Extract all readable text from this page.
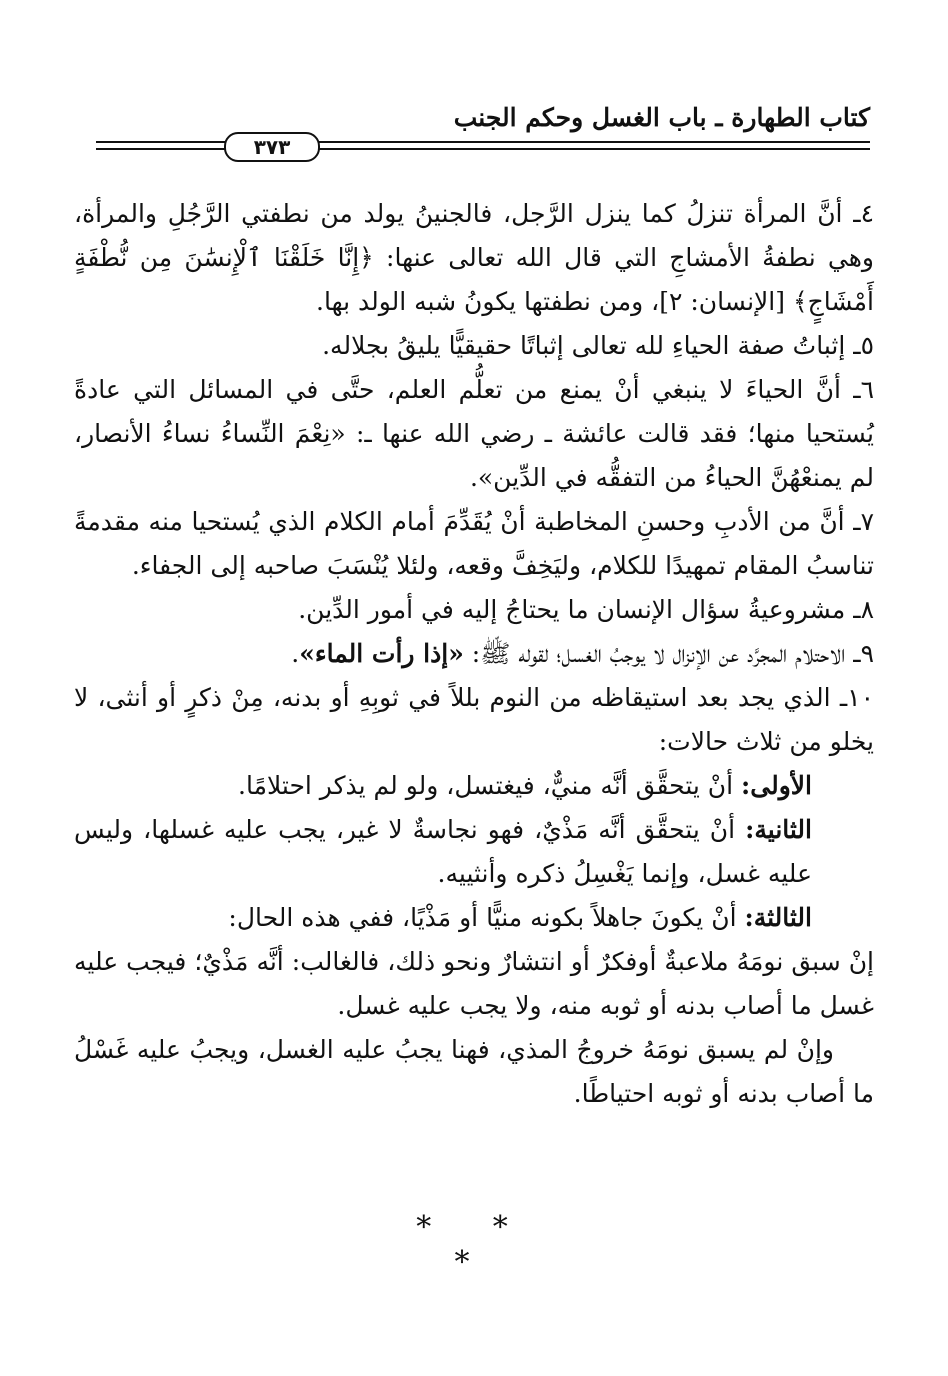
كتاب الطهارة ـ باب الغسل وحكم الجنب
٣٧٣

٤ـ أنَّ المرأة تنزلُ كما ينزل الرَّجل، فالجنينُ يولد من نطفتي الرَّجُلِ والمرأة، وهي نطفةُ الأمشاجِ التي قال الله تعالى عنها: ﴿إِنَّا خَلَقْنَا ٱلْإِنسَٰنَ مِن نُّطْفَةٍ أَمْشَاجٍ﴾ [الإنسان: ٢]، ومن نطفتها يكونُ شبه الولد بها.

٥ـ إثباتُ صفة الحياءِ لله تعالى إثباتًا حقيقيًّا يليقُ بجلاله.

٦ـ أنَّ الحياءَ لا ينبغي أنْ يمنع من تعلُّم العلم، حتَّى في المسائل التي عادةً يُستحيا منها؛ فقد قالت عائشة ـ رضي الله عنها ـ: «نِعْمَ النِّساءُ نساءُ الأنصار، لم يمنعْهُنَّ الحياءُ من التفقُّه في الدِّين».

٧ـ أنَّ من الأدبِ وحسنِ المخاطبة أنْ يُقَدِّمَ أمام الكلام الذي يُستحيا منه مقدمةً تناسبُ المقام تمهيدًا للكلام، وليَخِفَّ وقعه، ولئلا يُنْسَبَ صاحبه إلى الجفاء.

٨ـ مشروعيةُ سؤال الإنسان ما يحتاجُ إليه في أمور الدِّين.

٩ـ الاحتلام المجرَّد عن الإنزال لا يوجبُ الغسل؛ لقوله ﷺ: «إذا رأت الماء».

١٠ـ الذي يجد بعد استيقاظه من النوم بللاً في ثوبِهِ أو بدنه، مِنْ ذكرٍ أو أنثى، لا يخلو من ثلاث حالات:

الأولى: أنْ يتحقَّق أنَّه منيٌّ، فيغتسل، ولو لم يذكر احتلامًا.

الثانية: أنْ يتحقَّق أنَّه مَذْيٌ، فهو نجاسةٌ لا غير، يجب عليه غسلها، وليس عليه غسل، وإنما يَغْسِلُ ذكره وأنثييه.

الثالثة: أنْ يكونَ جاهلاً بكونه منيًّا أو مَذْيًا، ففي هذه الحال:

إنْ سبق نومَهُ ملاعبةٌ أوفكرٌ أو انتشارٌ ونحو ذلك، فالغالب: أنَّه مَذْيٌ؛ فيجب عليه غسل ما أصاب بدنه أو ثوبه منه، ولا يجب عليه غسل.

وإنْ لم يسبق نومَهُ خروجُ المذي، فهنا يجبُ عليه الغسل، ويجبُ عليه غَسْلُ ما أصاب بدنه أو ثوبه احتياطًا.

* * *
